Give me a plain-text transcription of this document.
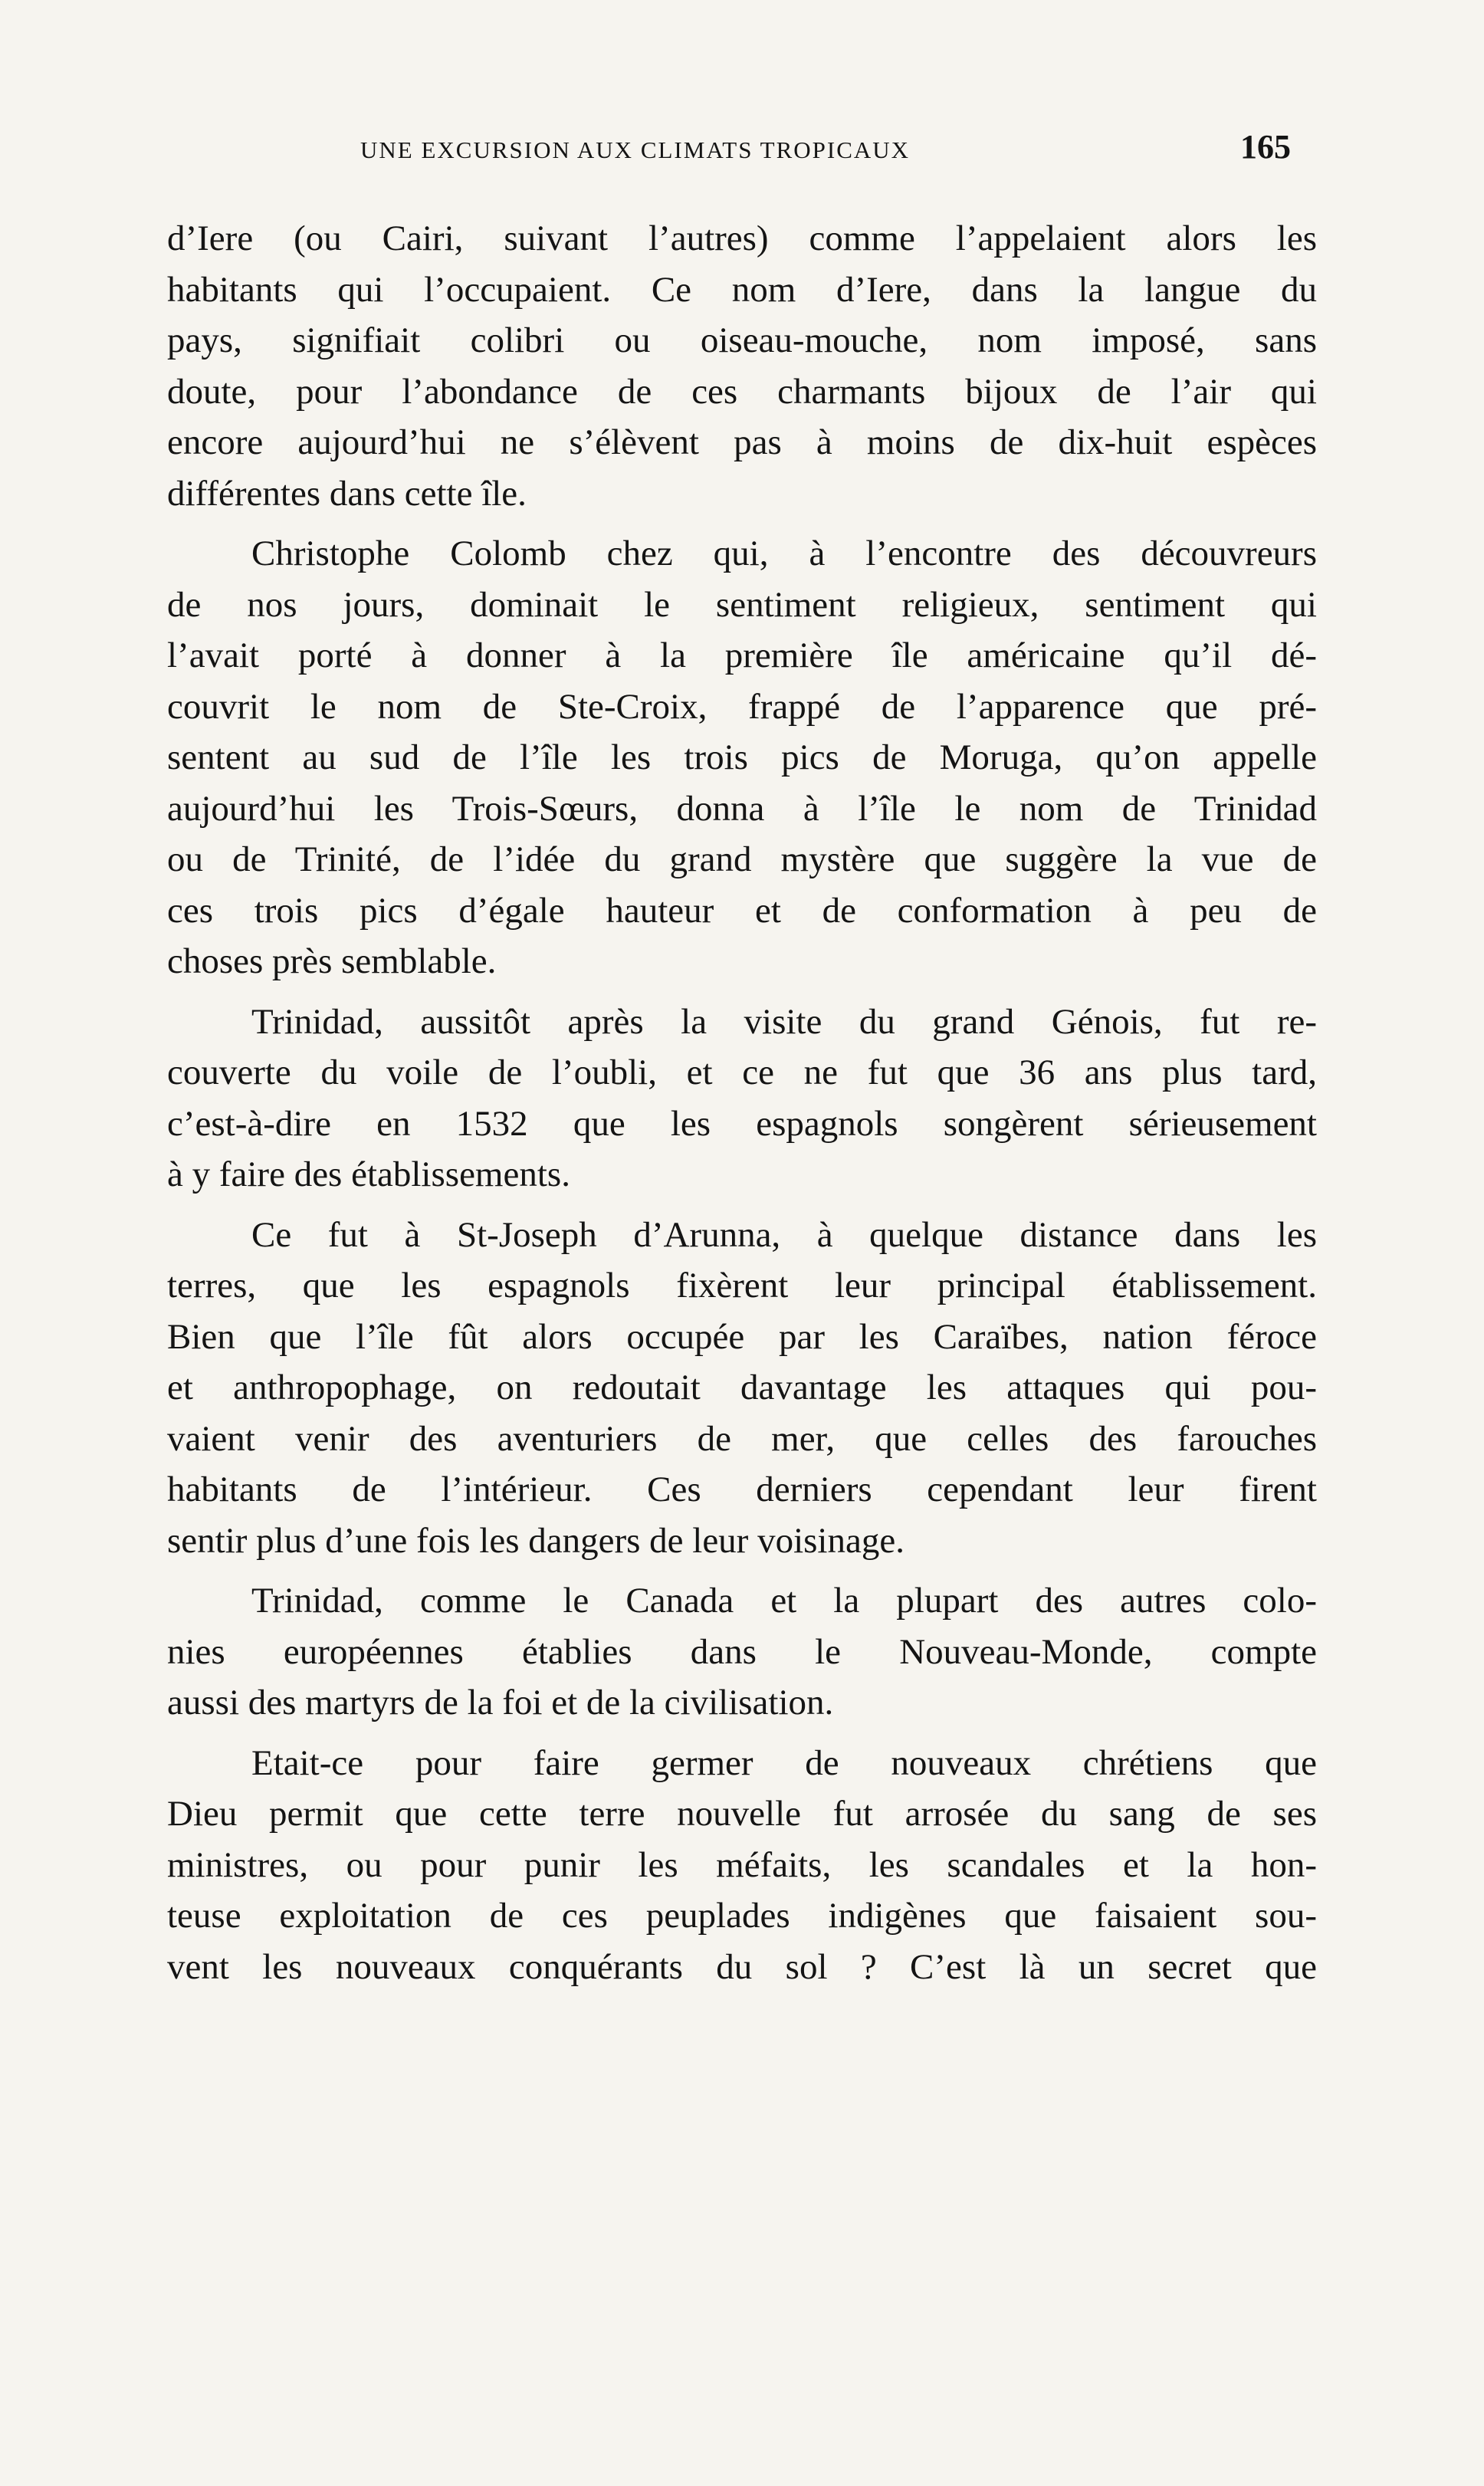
UNE EXCURSION AUX CLIMATS TROPICAUX	165
d’Iere (ou Cairi, suivant l’autres) comme l’appelaient alors les
habitants qui l’occupaient. Ce nom d’Iere, dans la langue du
pays, signifiait colibri ou oiseau-mouche, nom imposé, sans
doute, pour l’abondance de ces charmants bijoux de l’air qui
encore aujourd’hui ne s’élèvent pas à moins de dix-huit espèces
différentes dans cette île.
Christophe Colomb chez qui, à l’encontre des découvreurs
de nos jours, dominait le sentiment religieux, sentiment qui
l’avait porté à donner à la première île américaine qu’il dé-
couvrit le nom de Ste-Croix, frappé de l’apparence que pré-
sentent au sud de l’île les trois pics de Moruga, qu’on appelle
aujourd’hui les Trois-Sœurs, donna à l’île le nom de Trinidad
ou de Trinité, de l’idée du grand mystère que suggère la vue de
ces trois pics d’égale hauteur et de conformation à peu de
choses près semblable.
Trinidad, aussitôt après la visite du grand Génois, fut re-
couverte du voile de l’oubli, et ce ne fut que 36 ans plus tard,
c’est-à-dire en 1532 que les espagnols songèrent sérieusement
à y faire des établissements.
Ce fut à St-Joseph d’Arunna, à quelque distance dans les
terres, que les espagnols fixèrent leur principal établissement.
Bien que l’île fût alors occupée par les Caraïbes, nation féroce
et anthropophage, on redoutait davantage les attaques qui pou-
vaient venir des aventuriers de mer, que celles des farouches
habitants de l’intérieur. Ces derniers cependant leur firent
sentir plus d’une fois les dangers de leur voisinage.
Trinidad, comme le Canada et la plupart des autres colo-
nies européennes établies dans le Nouveau-Monde, compte
aussi des martyrs de la foi et de la civilisation.
Etait-ce pour faire germer de nouveaux chrétiens que
Dieu permit que cette terre nouvelle fut arrosée du sang de ses
ministres, ou pour punir les méfaits, les scandales et la hon-
teuse exploitation de ces peuplades indigènes que faisaient sou-
vent les nouveaux conquérants du sol ? C’est là un secret que
